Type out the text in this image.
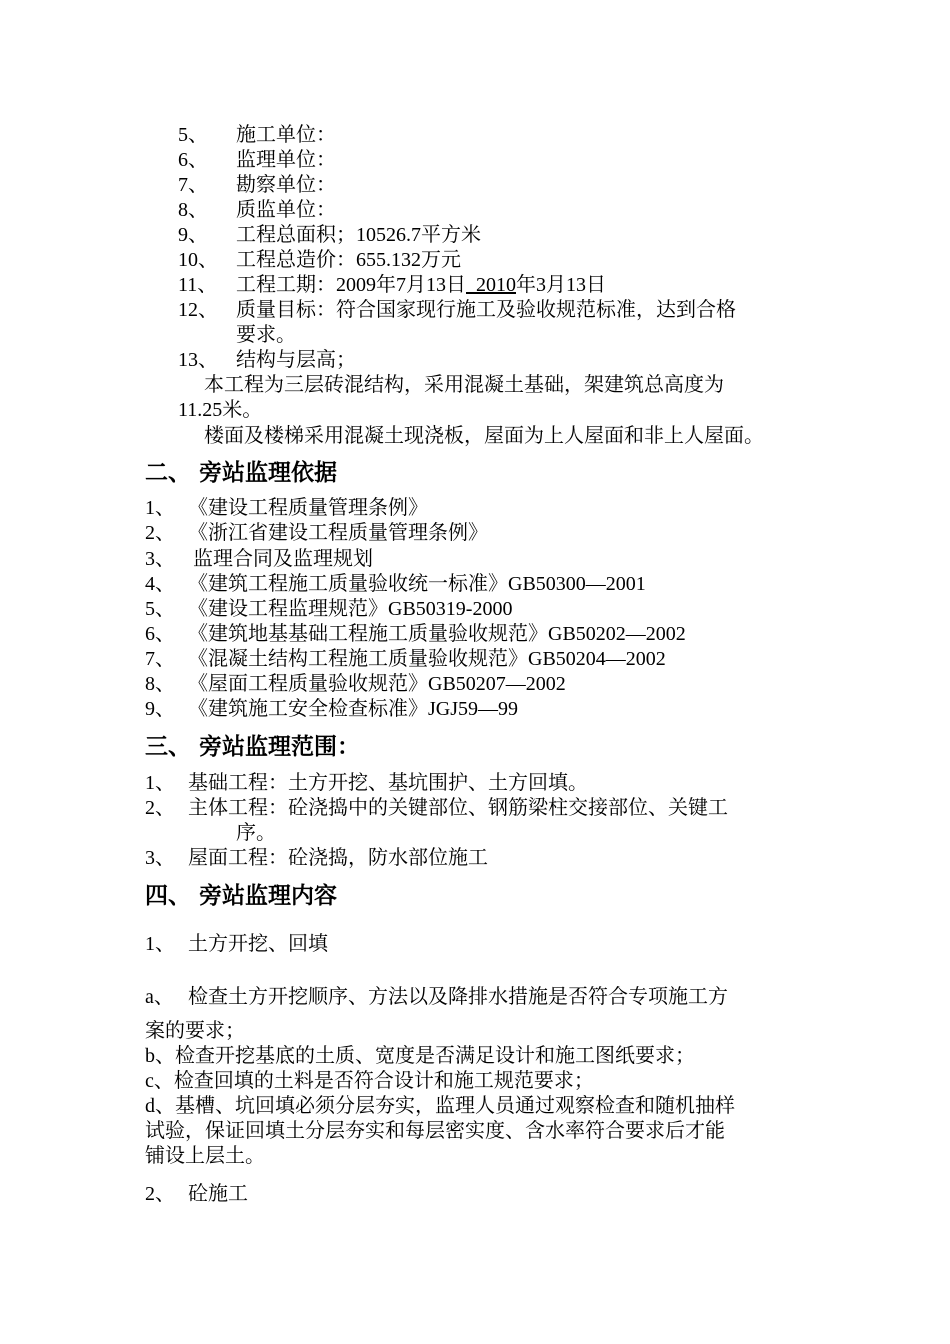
5、 施工单位：
6、 监理单位：
7、 勘察单位：
8、 质监单位：
9、 工程总面积；10526.7平方米
10、 工程总造价：655.132万元
11、 工程工期：2009年7月13日  2010年3月13日
12、 质量目标：符合国家现行施工及验收规范标准，达到合格
要求。
13、 结构与层高；
本工程为三层砖混结构，采用混凝土基础，架建筑总高度为
11.25米。
楼面及楼梯采用混凝土现浇板，屋面为上人屋面和非上人屋面。
二、 旁站监理依据
1、 《建设工程质量管理条例》
2、 《浙江省建设工程质量管理条例》
3、 监理合同及监理规划
4、 《建筑工程施工质量验收统一标准》GB50300—2001
5、 《建设工程监理规范》GB50319-2000
6、 《建筑地基基础工程施工质量验收规范》GB50202—2002
7、 《混凝土结构工程施工质量验收规范》GB50204—2002
8、 《屋面工程质量验收规范》GB50207—2002
9、 《建筑施工安全检查标准》JGJ59—99
三、 旁站监理范围：
1、 基础工程：土方开挖、基坑围护、土方回填。
2、 主体工程：砼浇捣中的关键部位、钢筋梁柱交接部位、关键工
序。
3、 屋面工程：砼浇捣，防水部位施工
四、 旁站监理内容
1、 土方开挖、回填
a、 检查土方开挖顺序、方法以及降排水措施是否符合专项施工方
案的要求；
b、检查开挖基底的土质、宽度是否满足设计和施工图纸要求；
c、检查回填的土料是否符合设计和施工规范要求；
d、基槽、坑回填必须分层夯实，监理人员通过观察检查和随机抽样
试验，保证回填土分层夯实和每层密实度、含水率符合要求后才能
铺设上层土。
2、 砼施工
